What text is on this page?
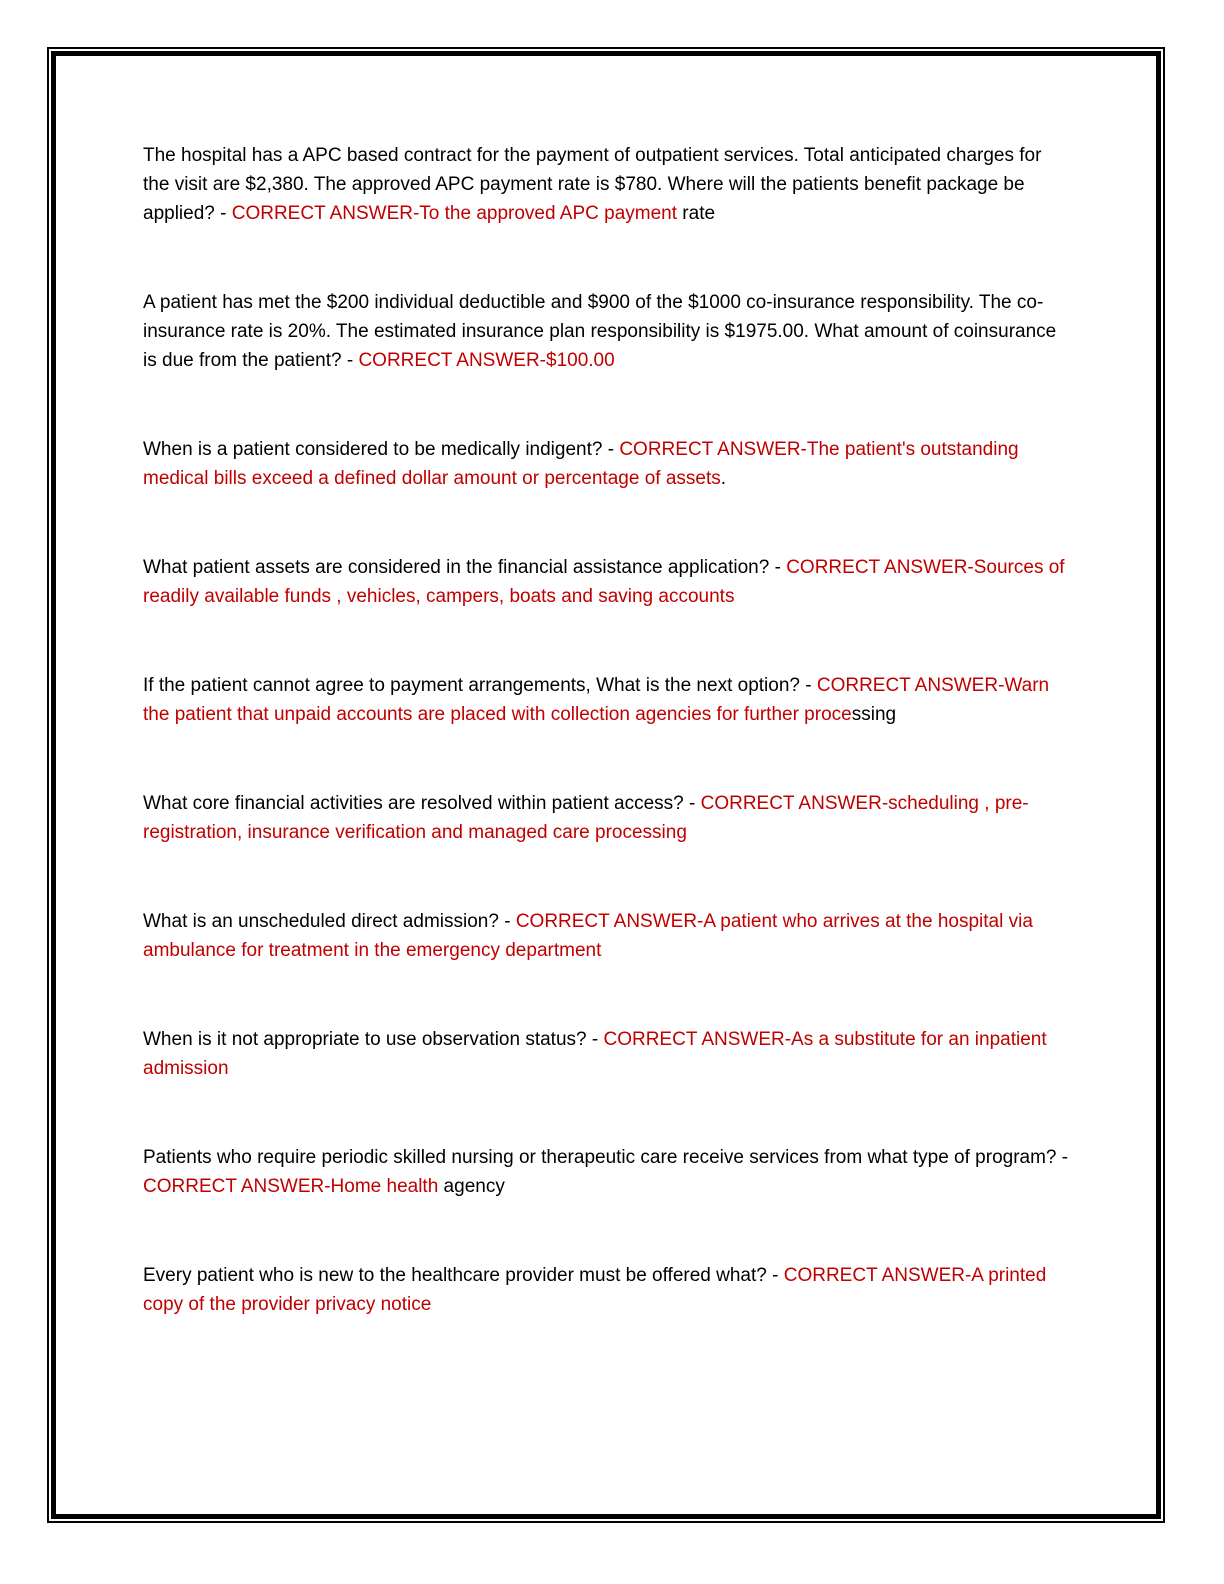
The hospital has a APC based contract for the payment of outpatient services. Total anticipated charges for the visit are $2,380. The approved APC payment rate is $780. Where will the patients benefit package be applied? - CORRECT ANSWER-To the approved APC payment rate

A patient has met the $200 individual deductible and $900 of the $1000 co-insurance responsibility. The co-insurance rate is 20%. The estimated insurance plan responsibility is $1975.00. What amount of coinsurance is due from the patient? - CORRECT ANSWER-$100.00

When is a patient considered to be medically indigent? - CORRECT ANSWER-The patient's outstanding medical bills exceed a defined dollar amount or percentage of assets.

What patient assets are considered in the financial assistance application? - CORRECT ANSWER-Sources of readily available funds , vehicles, campers, boats and saving accounts

If the patient cannot agree to payment arrangements, What is the next option? - CORRECT ANSWER-Warn the patient that unpaid accounts are placed with collection agencies for further processing

What core financial activities are resolved within patient access? - CORRECT ANSWER-scheduling , pre-registration, insurance verification and managed care processing

What is an unscheduled direct admission? - CORRECT ANSWER-A patient who arrives at the hospital via ambulance for treatment in the emergency department

When is it not appropriate to use observation status? - CORRECT ANSWER-As a substitute for an inpatient admission

Patients who require periodic skilled nursing or therapeutic care receive services from what type of program? - CORRECT ANSWER-Home health agency

Every patient who is new to the healthcare provider must be offered what? - CORRECT ANSWER-A printed copy of the provider privacy notice
